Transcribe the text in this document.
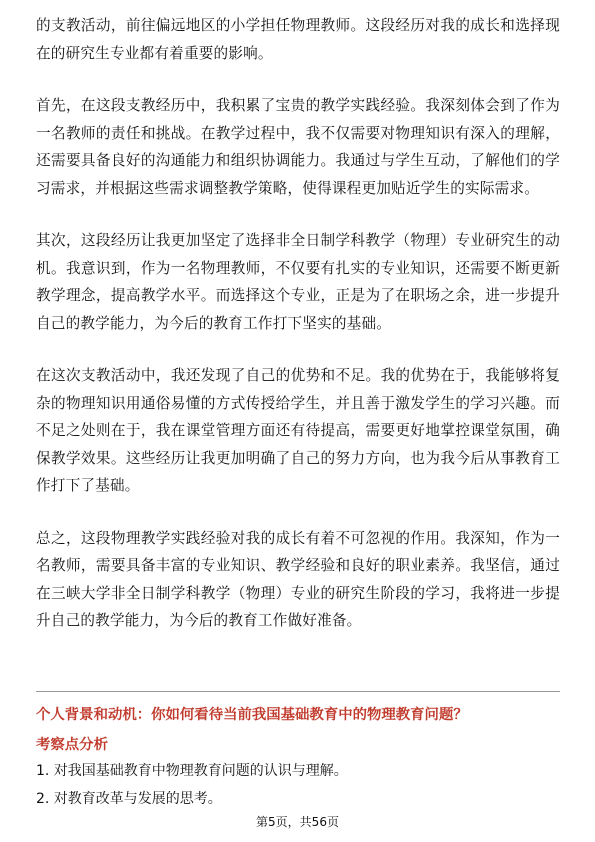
的支教活动，前往偏远地区的小学担任物理教师。这段经历对我的成长和选择现在的研究生专业都有着重要的影响。

首先，在这段支教经历中，我积累了宝贵的教学实践经验。我深刻体会到了作为一名教师的责任和挑战。在教学过程中，我不仅需要对物理知识有深入的理解，还需要具备良好的沟通能力和组织协调能力。我通过与学生互动，了解他们的学习需求，并根据这些需求调整教学策略，使得课程更加贴近学生的实际需求。

其次，这段经历让我更加坚定了选择非全日制学科教学（物理）专业研究生的动机。我意识到，作为一名物理教师，不仅要有扎实的专业知识，还需要不断更新教学理念，提高教学水平。而选择这个专业，正是为了在职场之余，进一步提升自己的教学能力，为今后的教育工作打下坚实的基础。

在这次支教活动中，我还发现了自己的优势和不足。我的优势在于，我能够将复杂的物理知识用通俗易懂的方式传授给学生，并且善于激发学生的学习兴趣。而不足之处则在于，我在课堂管理方面还有待提高，需要更好地掌控课堂氛围，确保教学效果。这些经历让我更加明确了自己的努力方向，也为我今后从事教育工作打下了基础。

总之，这段物理教学实践经验对我的成长有着不可忽视的作用。我深知，作为一名教师，需要具备丰富的专业知识、教学经验和良好的职业素养。我坚信，通过在三峡大学非全日制学科教学（物理）专业的研究生阶段的学习，我将进一步提升自己的教学能力，为今后的教育工作做好准备。

个人背景和动机：你如何看待当前我国基础教育中的物理教育问题？

考察点分析

1. 对我国基础教育中物理教育问题的认识与理解。

2. 对教育改革与发展的思考。

第5页，共56页
